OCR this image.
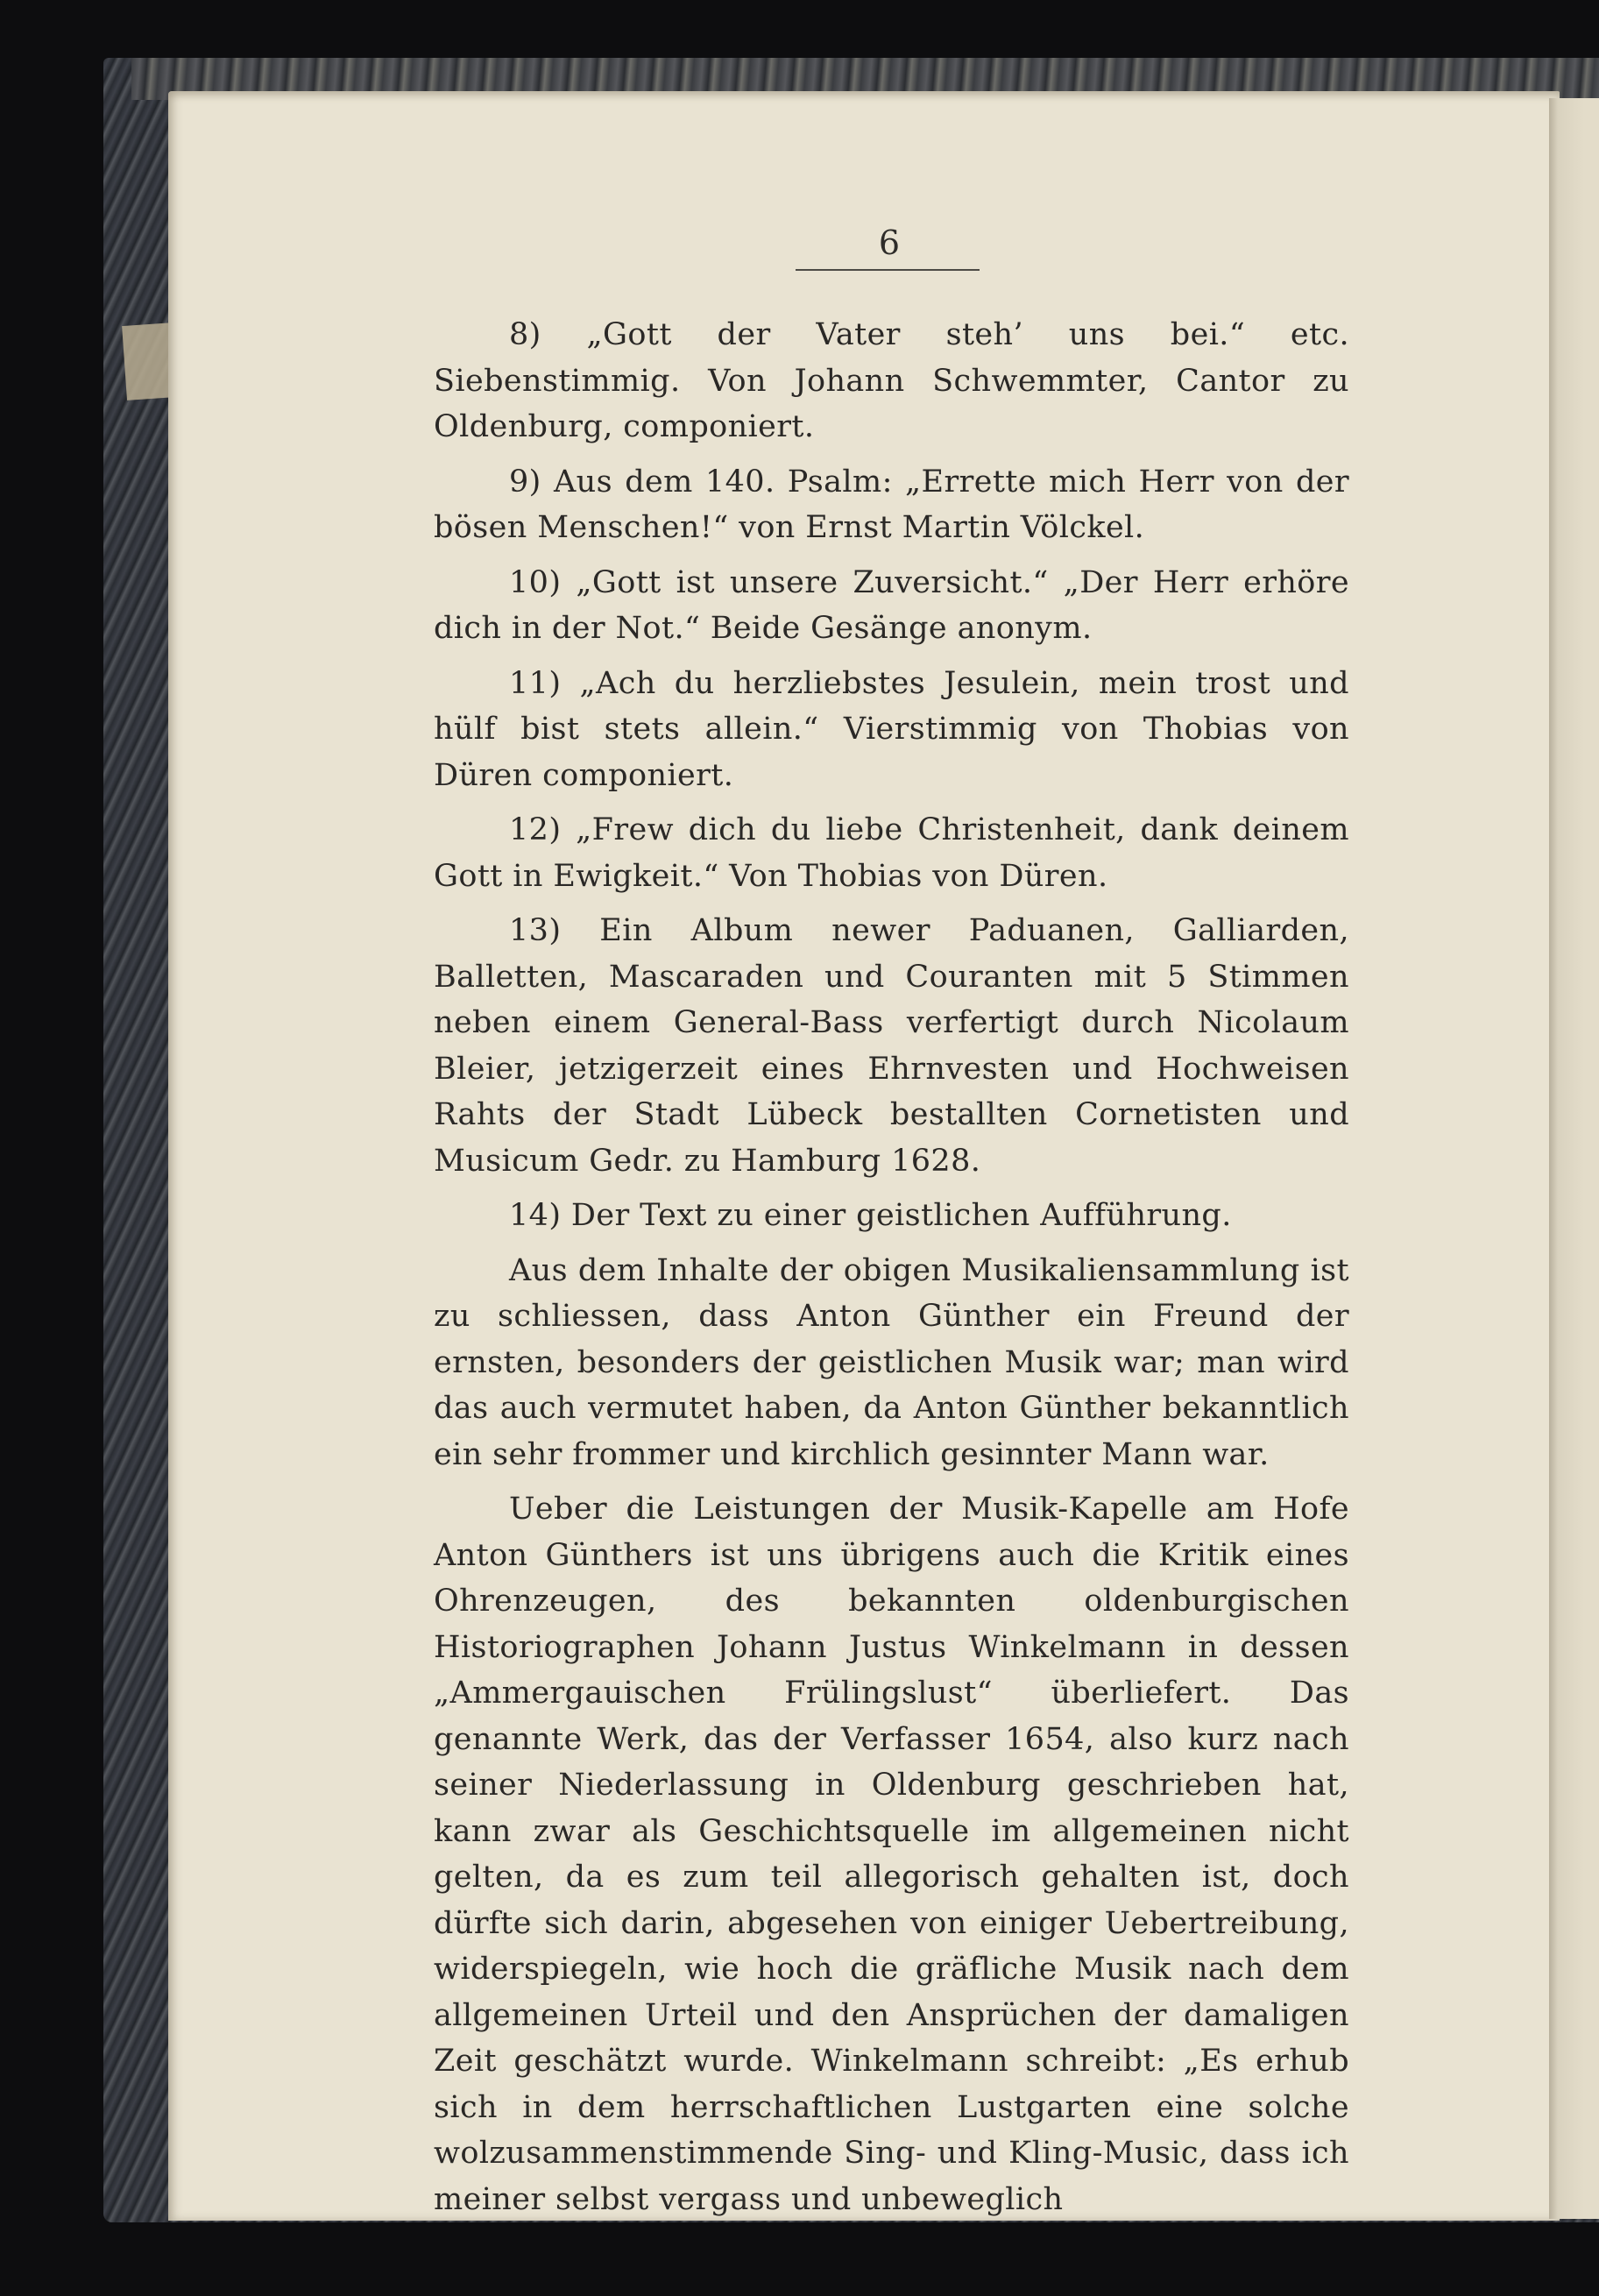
6

8) „Gott der Vater steh’ uns bei.“ etc. Siebenstimmig. Von Johann Schwemmter, Cantor zu Oldenburg, componiert.

9) Aus dem 140. Psalm: „Errette mich Herr von der bösen Menschen!“ von Ernst Martin Völckel.

10) „Gott ist unsere Zuversicht.“ „Der Herr erhöre dich in der Not.“ Beide Gesänge anonym.

11) „Ach du herzliebstes Jesulein, mein trost und hülf bist stets allein.“ Vierstimmig von Thobias von Düren componiert.

12) „Frew dich du liebe Christenheit, dank deinem Gott in Ewigkeit.“ Von Thobias von Düren.

13) Ein Album newer Paduanen, Galliarden, Balletten, Mascaraden und Couranten mit 5 Stimmen neben einem General-Bass verfertigt durch Nicolaum Bleier, jetzigerzeit eines Ehrnvesten und Hochweisen Rahts der Stadt Lübeck bestallten Cornetisten und Musicum Gedr. zu Hamburg 1628.

14) Der Text zu einer geistlichen Aufführung.

Aus dem Inhalte der obigen Musikaliensammlung ist zu schliessen, dass Anton Günther ein Freund der ernsten, besonders der geistlichen Musik war; man wird das auch vermutet haben, da Anton Günther bekanntlich ein sehr frommer und kirchlich gesinnter Mann war.

Ueber die Leistungen der Musik-Kapelle am Hofe Anton Günthers ist uns übrigens auch die Kritik eines Ohrenzeugen, des bekannten oldenburgischen Historiographen Johann Justus Winkelmann in dessen „Ammergauischen Frülingslust“ überliefert. Das genannte Werk, das der Verfasser 1654, also kurz nach seiner Niederlassung in Oldenburg geschrieben hat, kann zwar als Geschichtsquelle im allgemeinen nicht gelten, da es zum teil allegorisch gehalten ist, doch dürfte sich darin, abgesehen von einiger Uebertreibung, widerspiegeln, wie hoch die gräfliche Musik nach dem allgemeinen Urteil und den Ansprüchen der damaligen Zeit geschätzt wurde. Winkelmann schreibt: „Es erhub sich in dem herrschaftlichen Lustgarten eine solche wolzusammenstimmende Sing- und Kling-Music, dass ich meiner selbst vergass und unbeweglich
